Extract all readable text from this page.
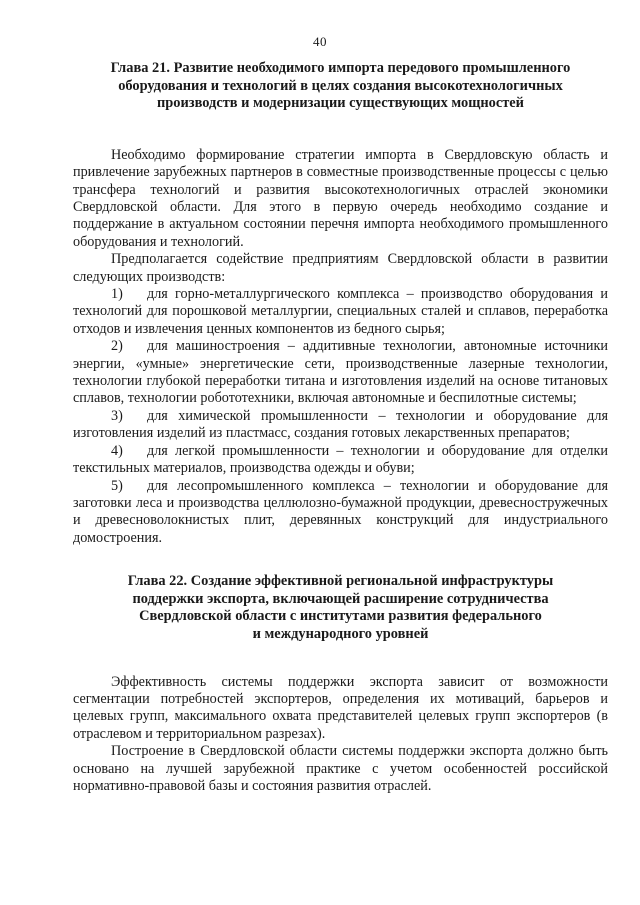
40
Глава 21. Развитие необходимого импорта передового промышленного
оборудования и технологий в целях создания высокотехнологичных
производств и модернизации существующих мощностей

Необходимо формирование стратегии импорта в Свердловскую область и привлечение зарубежных партнеров в совместные производственные процессы с целью трансфера технологий и развития высокотехнологичных отраслей экономики Свердловской области. Для этого в первую очередь необходимо создание и поддержание в актуальном состоянии перечня импорта необходимого промышленного оборудования и технологий.

Предполагается содействие предприятиям Свердловской области в развитии следующих производств:

1) для горно-металлургического комплекса – производство оборудования и технологий для порошковой металлургии, специальных сталей и сплавов, переработка отходов и извлечения ценных компонентов из бедного сырья;

2) для машиностроения – аддитивные технологии, автономные источники энергии, «умные» энергетические сети, производственные лазерные технологии, технологии глубокой переработки титана и изготовления изделий на основе титановых сплавов, технологии робототехники, включая автономные и беспилотные системы;

3) для химической промышленности – технологии и оборудование для изготовления изделий из пластмасс, создания готовых лекарственных препаратов;

4) для легкой промышленности – технологии и оборудование для отделки текстильных материалов, производства одежды и обуви;

5) для лесопромышленного комплекса – технологии и оборудование для заготовки леса и производства целлюлозно-бумажной продукции, древесностружечных и древесноволокнистых плит, деревянных конструкций для индустриального домостроения.

Глава 22. Создание эффективной региональной инфраструктуры
поддержки экспорта, включающей расширение сотрудничества
Свердловской области с институтами развития федерального
и международного уровней

Эффективность системы поддержки экспорта зависит от возможности сегментации потребностей экспортеров, определения их мотиваций, барьеров и целевых групп, максимального охвата представителей целевых групп экспортеров (в отраслевом и территориальном разрезах).

Построение в Свердловской области системы поддержки экспорта должно быть основано на лучшей зарубежной практике с учетом особенностей российской нормативно-правовой базы и состояния развития отраслей.
